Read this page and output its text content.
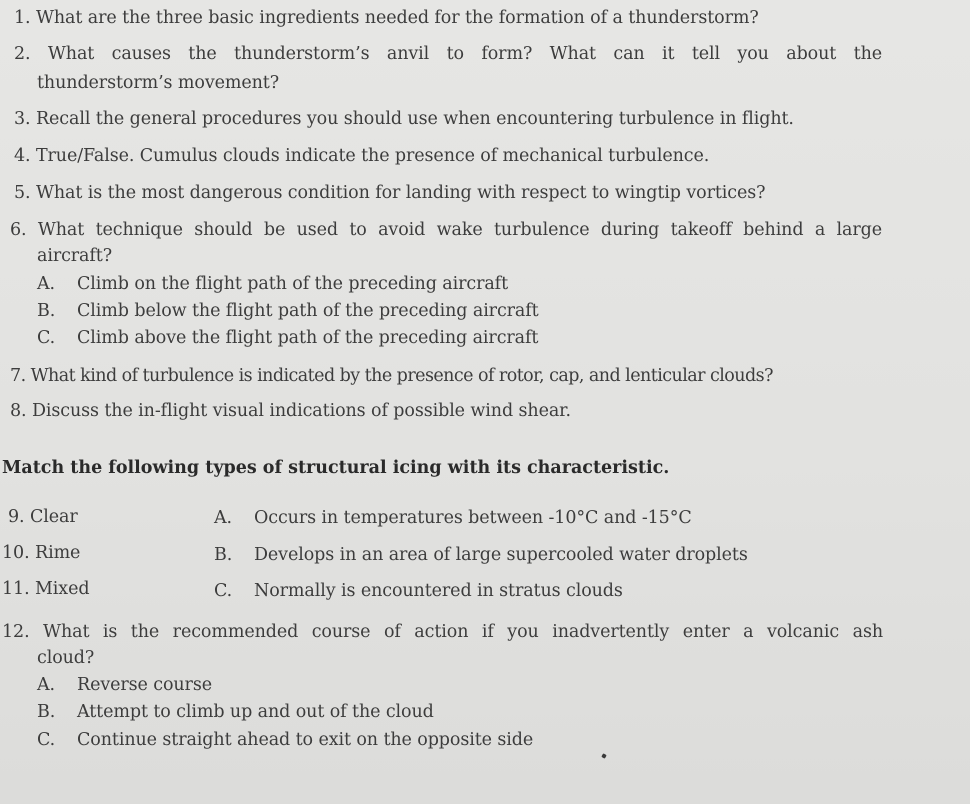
1. What are the three basic ingredients needed for the formation of a thunderstorm?
2. What causes the thunderstorm’s anvil to form? What can it tell you about the
thunderstorm’s movement?
3. Recall the general procedures you should use when encountering turbulence in flight.
4. True/False. Cumulus clouds indicate the presence of mechanical turbulence.
5. What is the most dangerous condition for landing with respect to wingtip vortices?
6. What technique should be used to avoid wake turbulence during takeoff behind a large
aircraft?
A. Climb on the flight path of the preceding aircraft
B. Climb below the flight path of the preceding aircraft
C. Climb above the flight path of the preceding aircraft
7. What kind of turbulence is indicated by the presence of rotor, cap, and lenticular clouds?
8. Discuss the in-flight visual indications of possible wind shear.
Match the following types of structural icing with its characteristic.
9. Clear
10. Rime
11. Mixed
A. Occurs in temperatures between -10°C and -15°C
B. Develops in an area of large supercooled water droplets
C. Normally is encountered in stratus clouds
12. What is the recommended course of action if you inadvertently enter a volcanic ash
cloud?
A. Reverse course
B. Attempt to climb up and out of the cloud
C. Continue straight ahead to exit on the opposite side
